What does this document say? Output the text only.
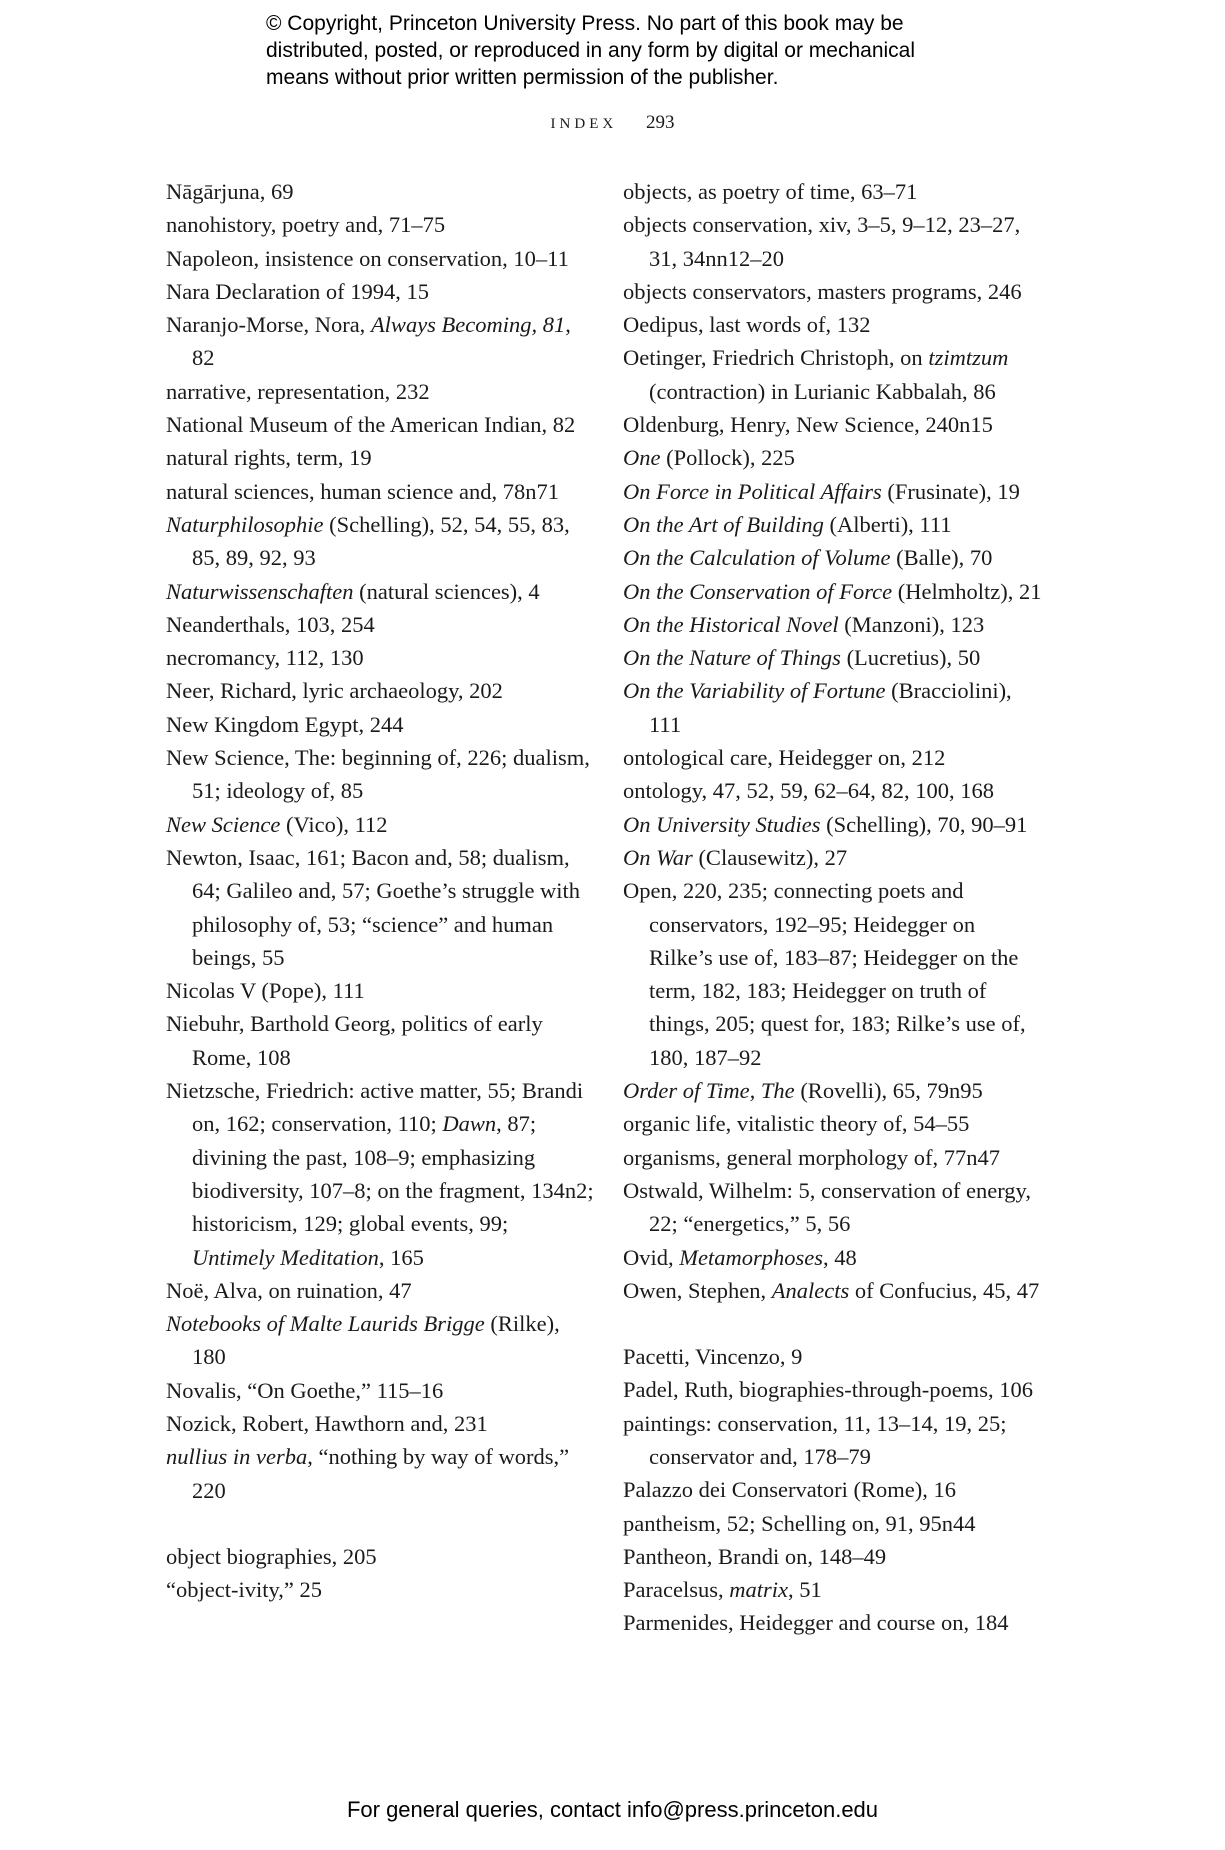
© Copyright, Princeton University Press. No part of this book may be
distributed, posted, or reproduced in any form by digital or mechanical
means without prior written permission of the publisher.
INDEX 293
Nāgārjuna, 69
nanohistory, poetry and, 71–75
Napoleon, insistence on conservation, 10–11
Nara Declaration of 1994, 15
Naranjo-Morse, Nora, Always Becoming, 81, 82
narrative, representation, 232
National Museum of the American Indian, 82
natural rights, term, 19
natural sciences, human science and, 78n71
Naturphilosophie (Schelling), 52, 54, 55, 83, 85, 89, 92, 93
Naturwissenschaften (natural sciences), 4
Neanderthals, 103, 254
necromancy, 112, 130
Neer, Richard, lyric archaeology, 202
New Kingdom Egypt, 244
New Science, The: beginning of, 226; dualism, 51; ideology of, 85
New Science (Vico), 112
Newton, Isaac, 161; Bacon and, 58; dualism, 64; Galileo and, 57; Goethe’s struggle with philosophy of, 53; “science” and human beings, 55
Nicolas V (Pope), 111
Niebuhr, Barthold Georg, politics of early Rome, 108
Nietzsche, Friedrich: active matter, 55; Brandi on, 162; conservation, 110; Dawn, 87; divining the past, 108–9; emphasizing biodiversity, 107–8; on the fragment, 134n2; historicism, 129; global events, 99; Untimely Meditation, 165
Noë, Alva, on ruination, 47
Notebooks of Malte Laurids Brigge (Rilke), 180
Novalis, “On Goethe,” 115–16
Nozick, Robert, Hawthorn and, 231
nullius in verba, “nothing by way of words,” 220
object biographies, 205
“object-ivity,” 25
objects, as poetry of time, 63–71
objects conservation, xiv, 3–5, 9–12, 23–27, 31, 34nn12–20
objects conservators, masters programs, 246
Oedipus, last words of, 132
Oetinger, Friedrich Christoph, on tzimtzum (contraction) in Lurianic Kabbalah, 86
Oldenburg, Henry, New Science, 240n15
One (Pollock), 225
On Force in Political Affairs (Frusinate), 19
On the Art of Building (Alberti), 111
On the Calculation of Volume (Balle), 70
On the Conservation of Force (Helmholtz), 21
On the Historical Novel (Manzoni), 123
On the Nature of Things (Lucretius), 50
On the Variability of Fortune (Bracciolini), 111
ontological care, Heidegger on, 212
ontology, 47, 52, 59, 62–64, 82, 100, 168
On University Studies (Schelling), 70, 90–91
On War (Clausewitz), 27
Open, 220, 235; connecting poets and conservators, 192–95; Heidegger on Rilke’s use of, 183–87; Heidegger on the term, 182, 183; Heidegger on truth of things, 205; quest for, 183; Rilke’s use of, 180, 187–92
Order of Time, The (Rovelli), 65, 79n95
organic life, vitalistic theory of, 54–55
organisms, general morphology of, 77n47
Ostwald, Wilhelm: 5, conservation of energy, 22; “energetics,” 5, 56
Ovid, Metamorphoses, 48
Owen, Stephen, Analects of Confucius, 45, 47
Pacetti, Vincenzo, 9
Padel, Ruth, biographies-through-poems, 106
paintings: conservation, 11, 13–14, 19, 25; conservator and, 178–79
Palazzo dei Conservatori (Rome), 16
pantheism, 52; Schelling on, 91, 95n44
Pantheon, Brandi on, 148–49
Paracelsus, matrix, 51
Parmenides, Heidegger and course on, 184
For general queries, contact info@press.princeton.edu
